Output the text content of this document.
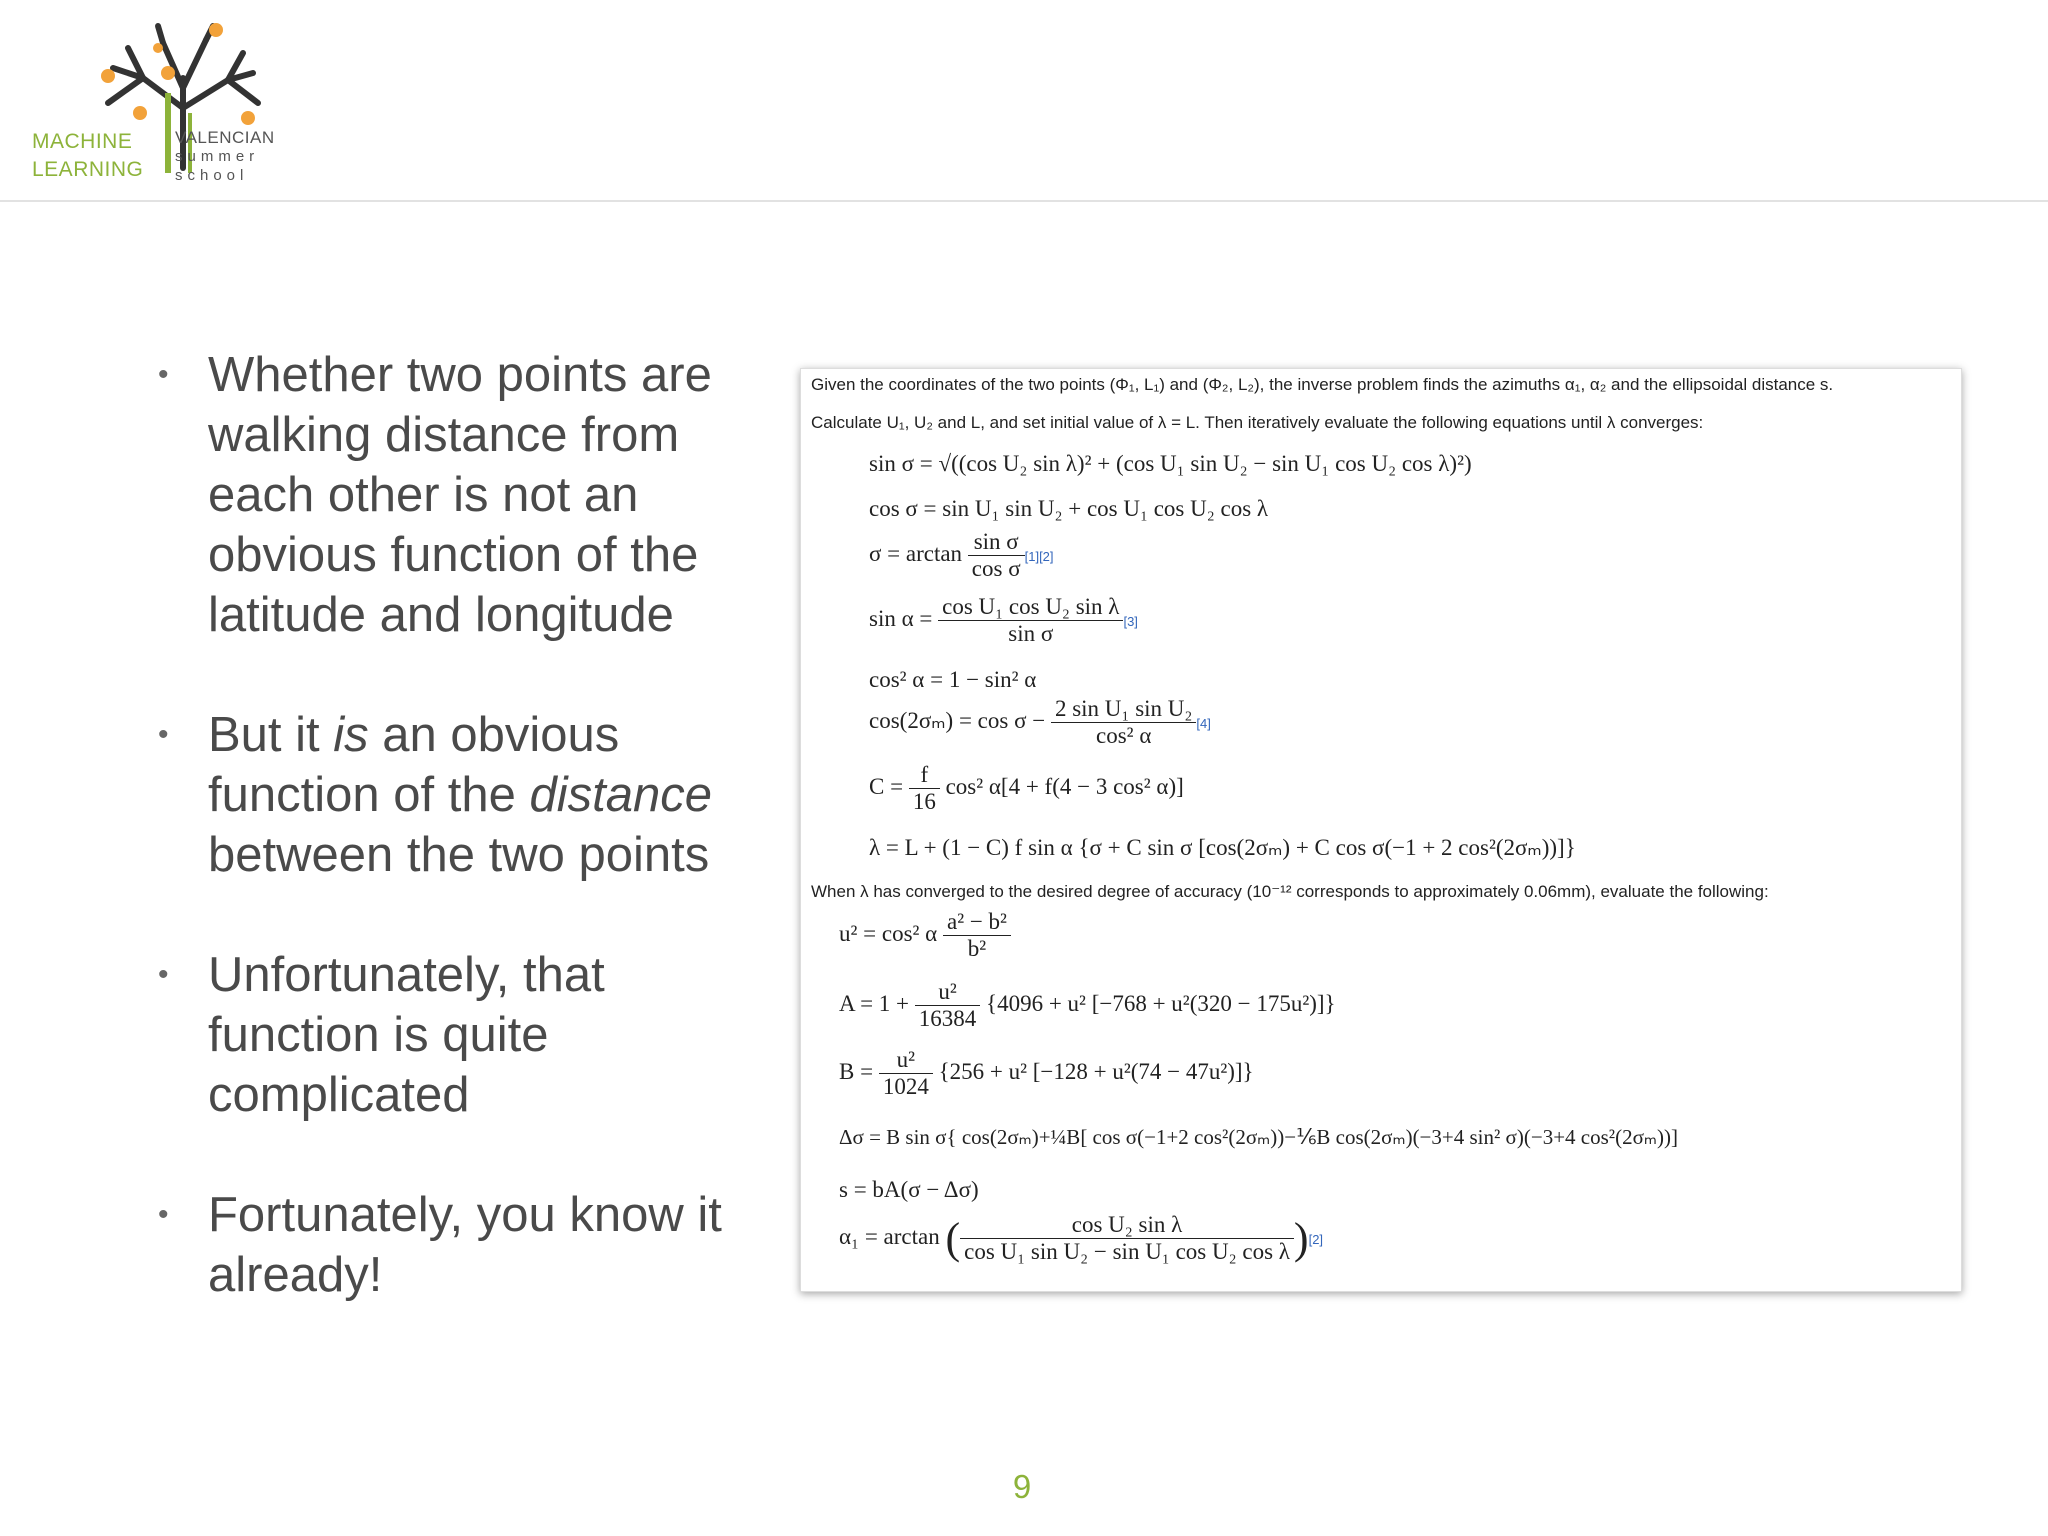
MACHINE
LEARNING
VALENCIAN
summer
school
• Whether two points are walking distance from each other is not an obvious function of the latitude and longitude
• But it is an obvious function of the distance between the two points
• Unfortunately, that function is quite complicated
• Fortunately, you know it already!
Given the coordinates of the two points (Φ₁, L₁) and (Φ₂, L₂), the inverse problem finds the azimuths α₁, α₂ and the ellipsoidal distance s.
Calculate U₁, U₂ and L, and set initial value of λ = L. Then iteratively evaluate the following equations until λ converges:
sin σ = √((cos U₂ sin λ)² + (cos U₁ sin U₂ − sin U₁ cos U₂ cos λ)²)
cos σ = sin U₁ sin U₂ + cos U₁ cos U₂ cos λ
$\sigma = \arctan \frac{\text{sin σ}}{\text{cos σ}} [1][2]$
$\sin \alpha = \frac{\text{cos U₁ cos U₂ sin λ}}{\text{sin σ}} [3]$
cos² α = 1 − sin² α
$\cos(2\sigma_m) = \cos \sigma - \frac{\text{2 sin U₁ sin U₂}}{\text{cos² α}} [4]$
$C = \frac{f}{16} \cos^2$ α[4 + f(4 − 3 cos² α)]
λ = L + (1 − C) f sin α {σ + C sin σ [cos(2σₘ) + C cos σ(−1 + 2 cos²(2σₘ))]}
When λ has converged to the desired degree of accuracy (10⁻¹² corresponds to approximately 0.06mm), evaluate the following:
u² = cos² α $\frac{\text{a² − b²}}{\text{b²}}$
$A = 1 + \frac{\text{u²}}{16384} \{4096 + u^2$ [−768 + u²(320 − 175u²)]}
$B = \frac{\text{u²}}{1024} \{256 + u^2$ [−128 + u²(74 − 47u²)]}
Δσ = B sin σ{ cos(2σₘ)+¼B[ cos σ(−1+2 cos²(2σₘ))−⅙B cos(2σₘ)(−3+4 sin² σ)(−3+4 cos²(2σₘ))]
s = bA(σ − Δσ)
α₁ = arctan ( $\frac{\text{cos U₂ sin λ}}{\text{cos U₁ sin U₂ − sin U₁ cos U₂ cos λ}} )[2]$
9
